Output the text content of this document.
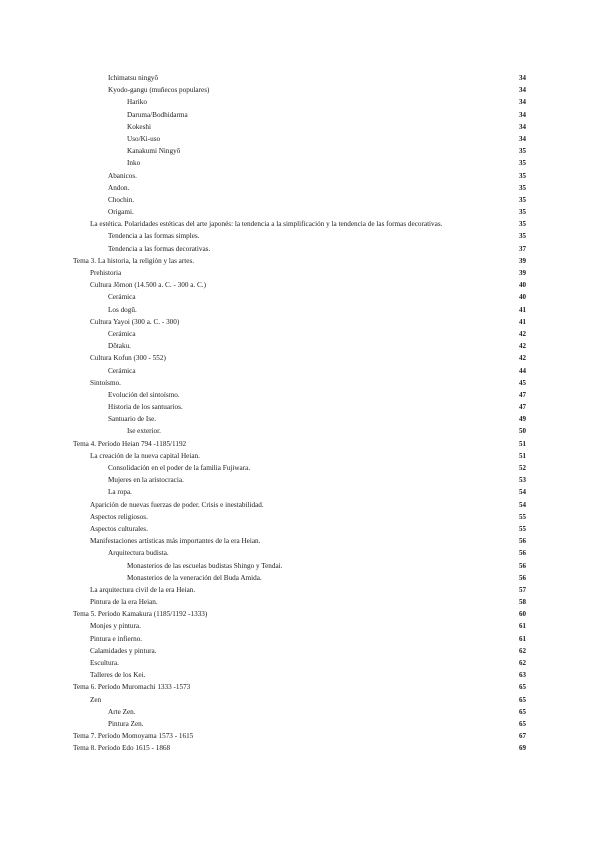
Ichimatsu ningyō	34
Kyodo-gangu (muñecos populares)	34
Hariko	34
Daruma/Bodhidarma	34
Kokeshi	34
Uso/Ki-uso	34
Kanakumi Ningyō	35
Inko	35
Abanicos.	35
Andon.	35
Chochin.	35
Origami.	35
La estética. Polaridades estéticas del arte japonés: la tendencia a la simplificación y la tendencia de las formas decorativas.	35
Tendencia a las formas simples.	35
Tendencia a las formas decorativas.	37
Tema 3. La historia, la religión y las artes.	39
Prehistoria	39
Cultura Jōmon (14.500 a. C. - 300 a. C.)	40
Cerámica	40
Los dogū.	41
Cultura Yayoi (300 a. C. - 300)	41
Cerámica	42
Dōtaku.	42
Cultura Kofun (300 - 552)	42
Cerámica	44
Sintoísmo.	45
Evolución del sintoísmo.	47
Historia de los santuarios.	47
Santuario de Ise.	49
Ise exterior.	50
Tema 4. Período Heian 794 -1185/1192	51
La creación de la nueva capital Heian.	51
Consolidación en el poder de la familia Fujiwara.	52
Mujeres en la aristocracia.	53
La ropa.	54
Aparición de nuevas fuerzas de poder. Crisis e inestabilidad.	54
Aspectos religiosos.	55
Aspectos culturales.	55
Manifestaciones artísticas más importantes de la era Heian.	56
Arquitectura budista.	56
Monasterios de las escuelas budistas Shingo y Tendai.	56
Monasterios de la veneración del Buda Amida.	56
La arquitectura civil de la era Heian.	57
Pintura de la era Heian.	58
Tema 5. Período Kamakura (1185/1192 -1333)	60
Monjes y pintura.	61
Pintura e infierno.	61
Calamidades y pintura.	62
Escultura.	62
Talleres de los Kei.	63
Tema 6. Período Muromachi 1333 -1573	65
Zen	65
Arte Zen.	65
Pintura Zen.	65
Tema 7. Período Momoyama 1573 - 1615	67
Tema 8. Período Edo 1615 - 1868	69
